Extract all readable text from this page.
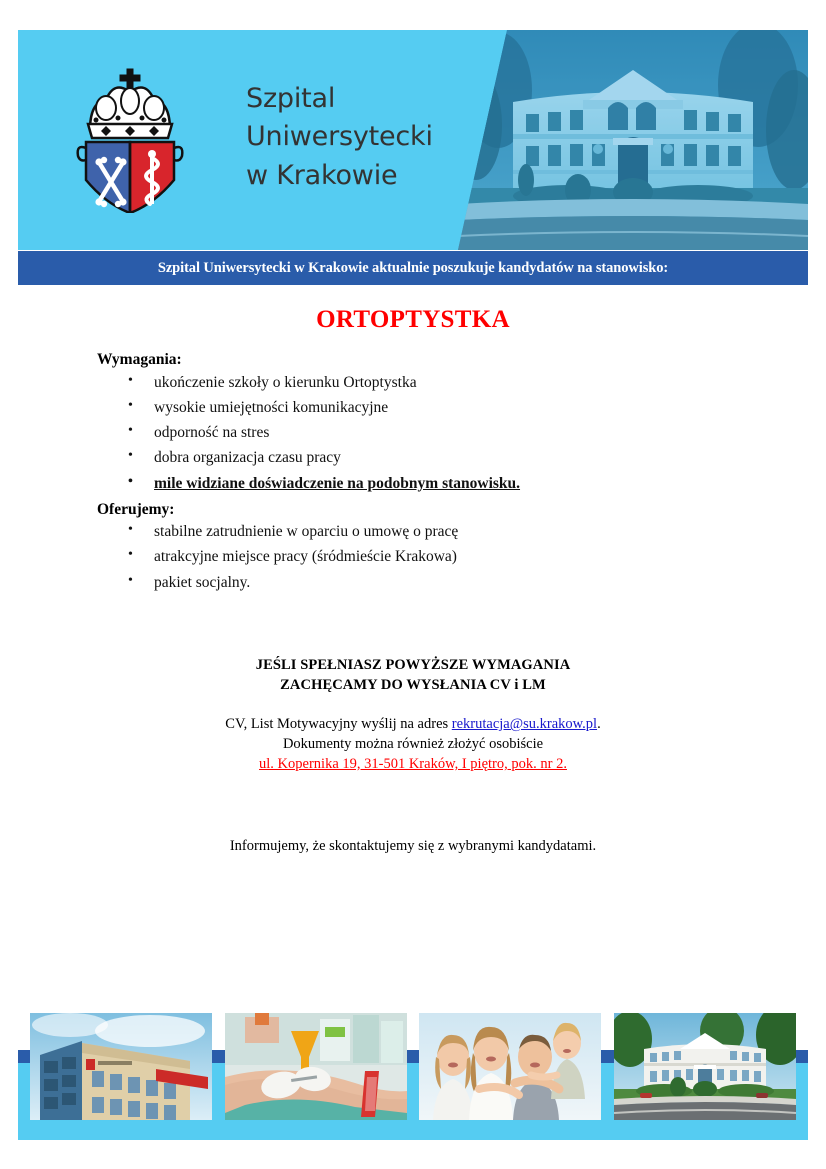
Szpital
Uniwersytecki
w Krakowie
Szpital Uniwersytecki w Krakowie aktualnie poszukuje kandydatów na stanowisko:
ORTOPTYSTKA
Wymagania:
• ukończenie szkoły o kierunku Ortoptystka
• wysokie umiejętności komunikacyjne
• odporność na stres
• dobra organizacja czasu pracy
• mile widziane doświadczenie na podobnym stanowisku.
Oferujemy:
• stabilne zatrudnienie w oparciu o umowę o pracę
• atrakcyjne miejsce pracy (śródmieście Krakowa)
• pakiet socjalny.
JEŚLI SPEŁNIASZ POWYŻSZE WYMAGANIA
ZACHĘCAMY DO WYSŁANIA CV i LM
CV, List Motywacyjny wyślij na adres rekrutacja@su.krakow.pl.
Dokumenty można również złożyć osobiście
ul. Kopernika 19, 31-501 Kraków, I piętro, pok. nr 2.
Informujemy, że skontaktujemy się z wybranymi kandydatami.
